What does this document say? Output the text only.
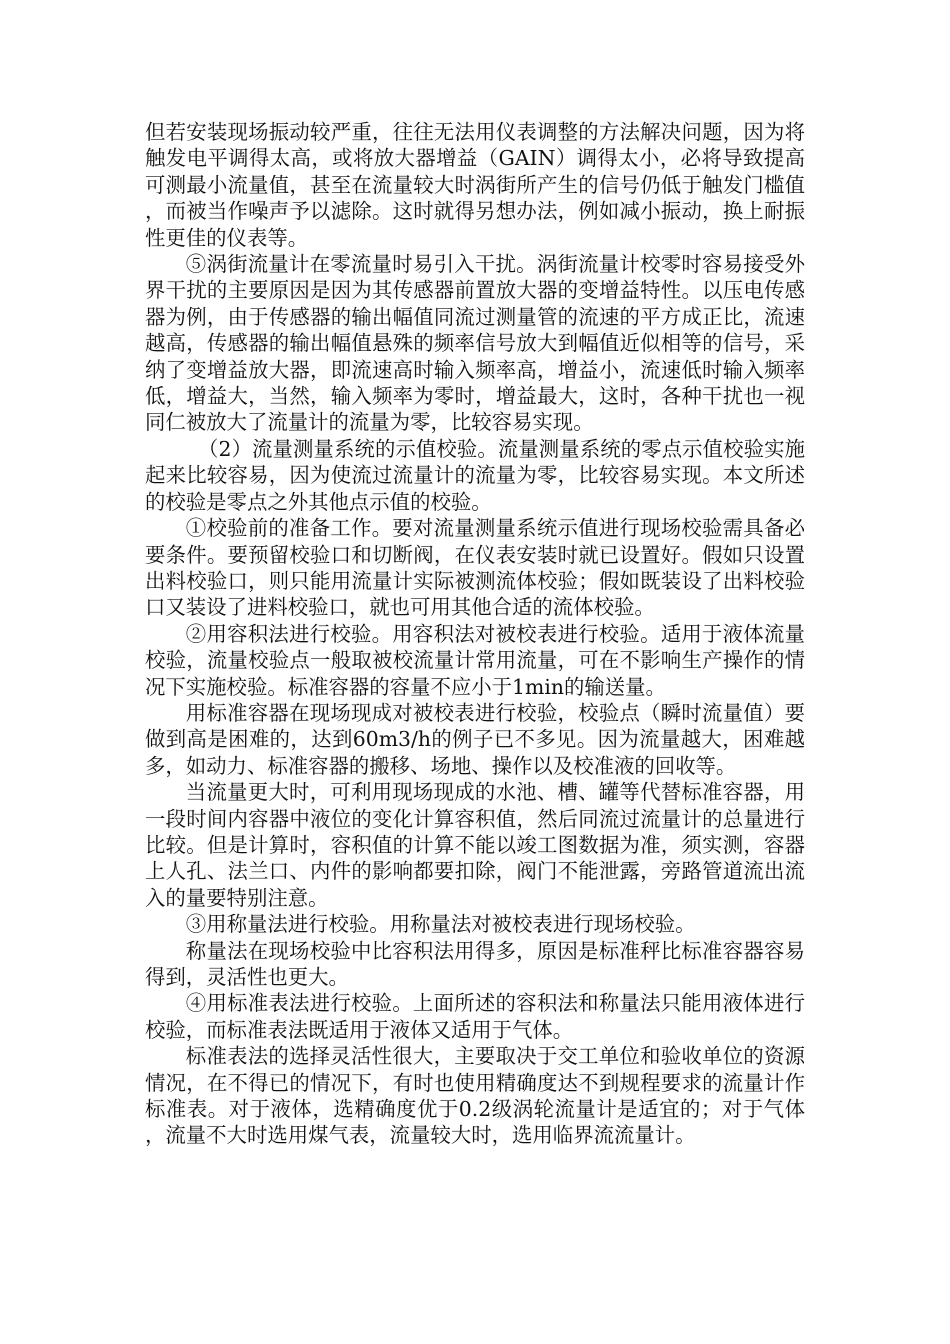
但若安装现场振动较严重，往往无法用仪表调整的方法解决问题，因为将触发电平调得太高，或将放大器增益（GAIN）调得太小，必将导致提高可测最小流量值，甚至在流量较大时涡街所产生的信号仍低于触发门槛值，而被当作噪声予以滤除。这时就得另想办法，例如减小振动，换上耐振性更佳的仪表等。

⑤涡街流量计在零流量时易引入干扰。涡街流量计校零时容易接受外界干扰的主要原因是因为其传感器前置放大器的变增益特性。以压电传感器为例，由于传感器的输出幅值同流过测量管的流速的平方成正比，流速越高，传感器的输出幅值悬殊的频率信号放大到幅值近似相等的信号，采纳了变增益放大器，即流速高时输入频率高，增益小，流速低时输入频率低，增益大，当然，输入频率为零时，增益最大，这时，各种干扰也一视同仁被放大了流量计的流量为零，比较容易实现。

（2）流量测量系统的示值校验。流量测量系统的零点示值校验实施起来比较容易，因为使流过流量计的流量为零，比较容易实现。本文所述的校验是零点之外其他点示值的校验。

①校验前的准备工作。要对流量测量系统示值进行现场校验需具备必要条件。要预留校验口和切断阀，在仪表安装时就已设置好。假如只设置出料校验口，则只能用流量计实际被测流体校验；假如既装设了出料校验口又装设了进料校验口，就也可用其他合适的流体校验。

②用容积法进行校验。用容积法对被校表进行校验。适用于液体流量校验，流量校验点一般取被校流量计常用流量，可在不影响生产操作的情况下实施校验。标准容器的容量不应小于1min的输送量。

用标准容器在现场现成对被校表进行校验，校验点（瞬时流量值）要做到高是困难的，达到60m3/h的例子已不多见。因为流量越大，困难越多，如动力、标准容器的搬移、场地、操作以及校准液的回收等。

当流量更大时，可利用现场现成的水池、槽、罐等代替标准容器，用一段时间内容器中液位的变化计算容积值，然后同流过流量计的总量进行比较。但是计算时，容积值的计算不能以竣工图数据为准，须实测，容器上人孔、法兰口、内件的影响都要扣除，阀门不能泄露，旁路管道流出流入的量要特别注意。

③用称量法进行校验。用称量法对被校表进行现场校验。

称量法在现场校验中比容积法用得多，原因是标准秤比标准容器容易得到，灵活性也更大。

④用标准表法进行校验。上面所述的容积法和称量法只能用液体进行校验，而标准表法既适用于液体又适用于气体。

标准表法的选择灵活性很大，主要取决于交工单位和验收单位的资源情况，在不得已的情况下，有时也使用精确度达不到规程要求的流量计作标准表。对于液体，选精确度优于0.2级涡轮流量计是适宜的；对于气体，流量不大时选用煤气表，流量较大时，选用临界流流量计。
